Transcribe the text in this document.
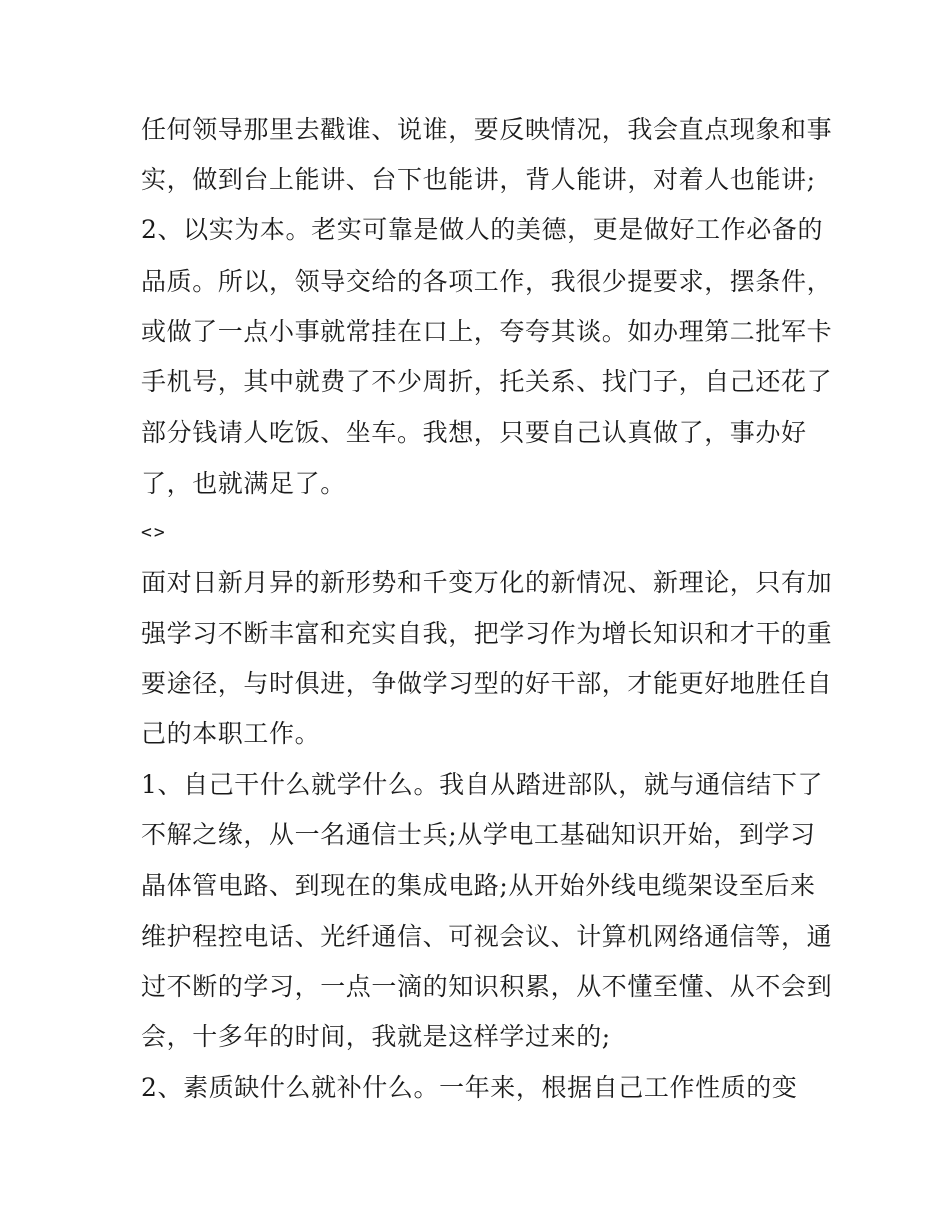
任何领导那里去戳谁、说谁，要反映情况，我会直点现象和事
实，做到台上能讲、台下也能讲，背人能讲，对着人也能讲;
2、以实为本。老实可靠是做人的美德，更是做好工作必备的
品质。所以，领导交给的各项工作，我很少提要求，摆条件，
或做了一点小事就常挂在口上，夸夸其谈。如办理第二批军卡
手机号，其中就费了不少周折，托关系、找门子，自己还花了
部分钱请人吃饭、坐车。我想，只要自己认真做了，事办好
了，也就满足了。
<>
面对日新月异的新形势和千变万化的新情况、新理论，只有加
强学习不断丰富和充实自我，把学习作为增长知识和才干的重
要途径，与时俱进，争做学习型的好干部，才能更好地胜任自
己的本职工作。
1、自己干什么就学什么。我自从踏进部队，就与通信结下了
不解之缘，从一名通信士兵;从学电工基础知识开始，到学习
晶体管电路、到现在的集成电路;从开始外线电缆架设至后来
维护程控电话、光纤通信、可视会议、计算机网络通信等，通
过不断的学习，一点一滴的知识积累，从不懂至懂、从不会到
会，十多年的时间，我就是这样学过来的;
2、素质缺什么就补什么。一年来，根据自己工作性质的变
